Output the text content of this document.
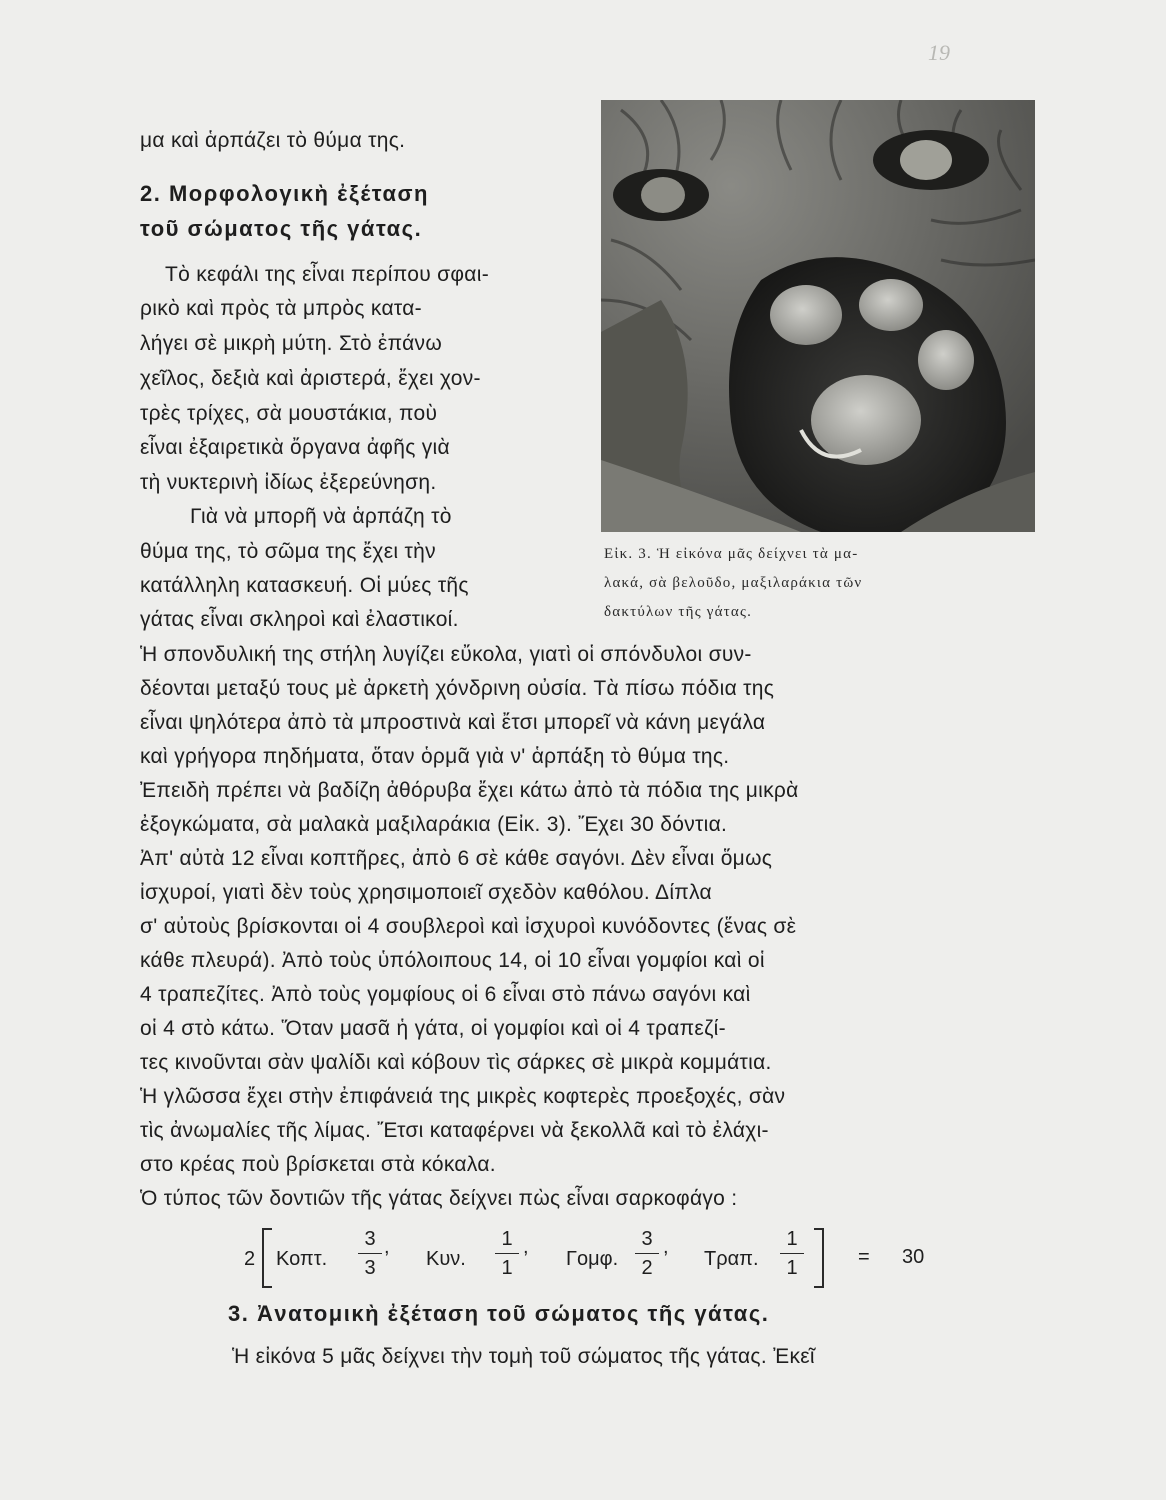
19
μα καὶ ἁρπάζει τὸ θύμα της.
2. Μορφολογικὴ ἐξέταση
τοῦ σώματος τῆς γάτας.
Τὸ κεφάλι της εἶναι περίπου σφαι-
ρικὸ καὶ πρὸς τὰ μπρὸς κατα-
λήγει σὲ μικρὴ μύτη. Στὸ ἐπάνω
χεῖλος, δεξιὰ καὶ ἀριστερά, ἔχει χον-
τρὲς τρίχες, σὰ μουστάκια, ποὺ
εἶναι ἐξαιρετικὰ ὄργανα ἀφῆς γιὰ
τὴ νυκτερινὴ ἰδίως ἐξερεύνηση.
Γιὰ νὰ μπορῆ νὰ ἁρπάζη τὸ
θύμα της, τὸ σῶμα της ἔχει τὴν
κατάλληλη κατασκευή. Οἱ μύες τῆς
γάτας εἶναι σκληροὶ καὶ ἐλαστικοί.
Εἰκ. 3. Ἡ εἰκόνα μᾶς δείχνει τὰ μα-
λακά, σὰ βελοῦδο, μαξιλαράκια τῶν
δακτύλων τῆς γάτας.
Ἡ σπονδυλική της στήλη λυγίζει εὔκολα, γιατὶ οἱ σπόνδυλοι συν-
δέονται μεταξύ τους μὲ ἀρκετὴ χόνδρινη οὐσία. Τὰ πίσω πόδια της
εἶναι ψηλότερα ἀπὸ τὰ μπροστινὰ καὶ ἔτσι μπορεῖ νὰ κάνη μεγάλα
καὶ γρήγορα πηδήματα, ὅταν ὁρμᾶ γιὰ ν' ἁρπάξη τὸ θύμα της.
Ἐπειδὴ πρέπει νὰ βαδίζη ἀθόρυβα ἔχει κάτω ἀπὸ τὰ πόδια της μικρὰ
ἐξογκώματα, σὰ μαλακὰ μαξιλαράκια (Εἰκ. 3). Ἔχει 30 δόντια.
Ἀπ' αὐτὰ 12 εἶναι κοπτῆρες, ἀπὸ 6 σὲ κάθε σαγόνι. Δὲν εἶναι ὅμως
ἰσχυροί, γιατὶ δὲν τοὺς χρησιμοποιεῖ σχεδὸν καθόλου. Δίπλα
σ' αὐτοὺς βρίσκονται οἱ 4 σουβλεροὶ καὶ ἰσχυροὶ κυνόδοντες (ἕνας σὲ
κάθε πλευρά). Ἀπὸ τοὺς ὑπόλοιπους 14, οἱ 10 εἶναι γομφίοι καὶ οἱ
4 τραπεζίτες. Ἀπὸ τοὺς γομφίους οἱ 6 εἶναι στὸ πάνω σαγόνι καὶ
οἱ 4 στὸ κάτω. Ὅταν μασᾶ ἡ γάτα, οἱ γομφίοι καὶ οἱ 4 τραπεζί-
τες κινοῦνται σὰν ψαλίδι καὶ κόβουν τὶς σάρκες σὲ μικρὰ κομμάτια.
Ἡ γλῶσσα ἔχει στὴν ἐπιφάνειά της μικρὲς κοφτερὲς προεξοχές, σὰν
τὶς ἀνωμαλίες τῆς λίμας. Ἔτσι καταφέρνει νὰ ξεκολλᾶ καὶ τὸ ἐλάχι-
στο κρέας ποὺ βρίσκεται στὰ κόκαλα.
Ὁ τύπος τῶν δοντιῶν τῆς γάτας δείχνει πὼς εἶναι σαρκοφάγο :
2 Κοπτ.
3
3
,
Κυν.
1
1
,
Γομφ.
3
2
,
Τραπ.
1
1	= 30
3. Ἀνατομικὴ ἐξέταση τοῦ σώματος τῆς γάτας.
Ἡ εἰκόνα 5 μᾶς δείχνει τὴν τομὴ τοῦ σώματος τῆς γάτας. Ἐκεῖ
